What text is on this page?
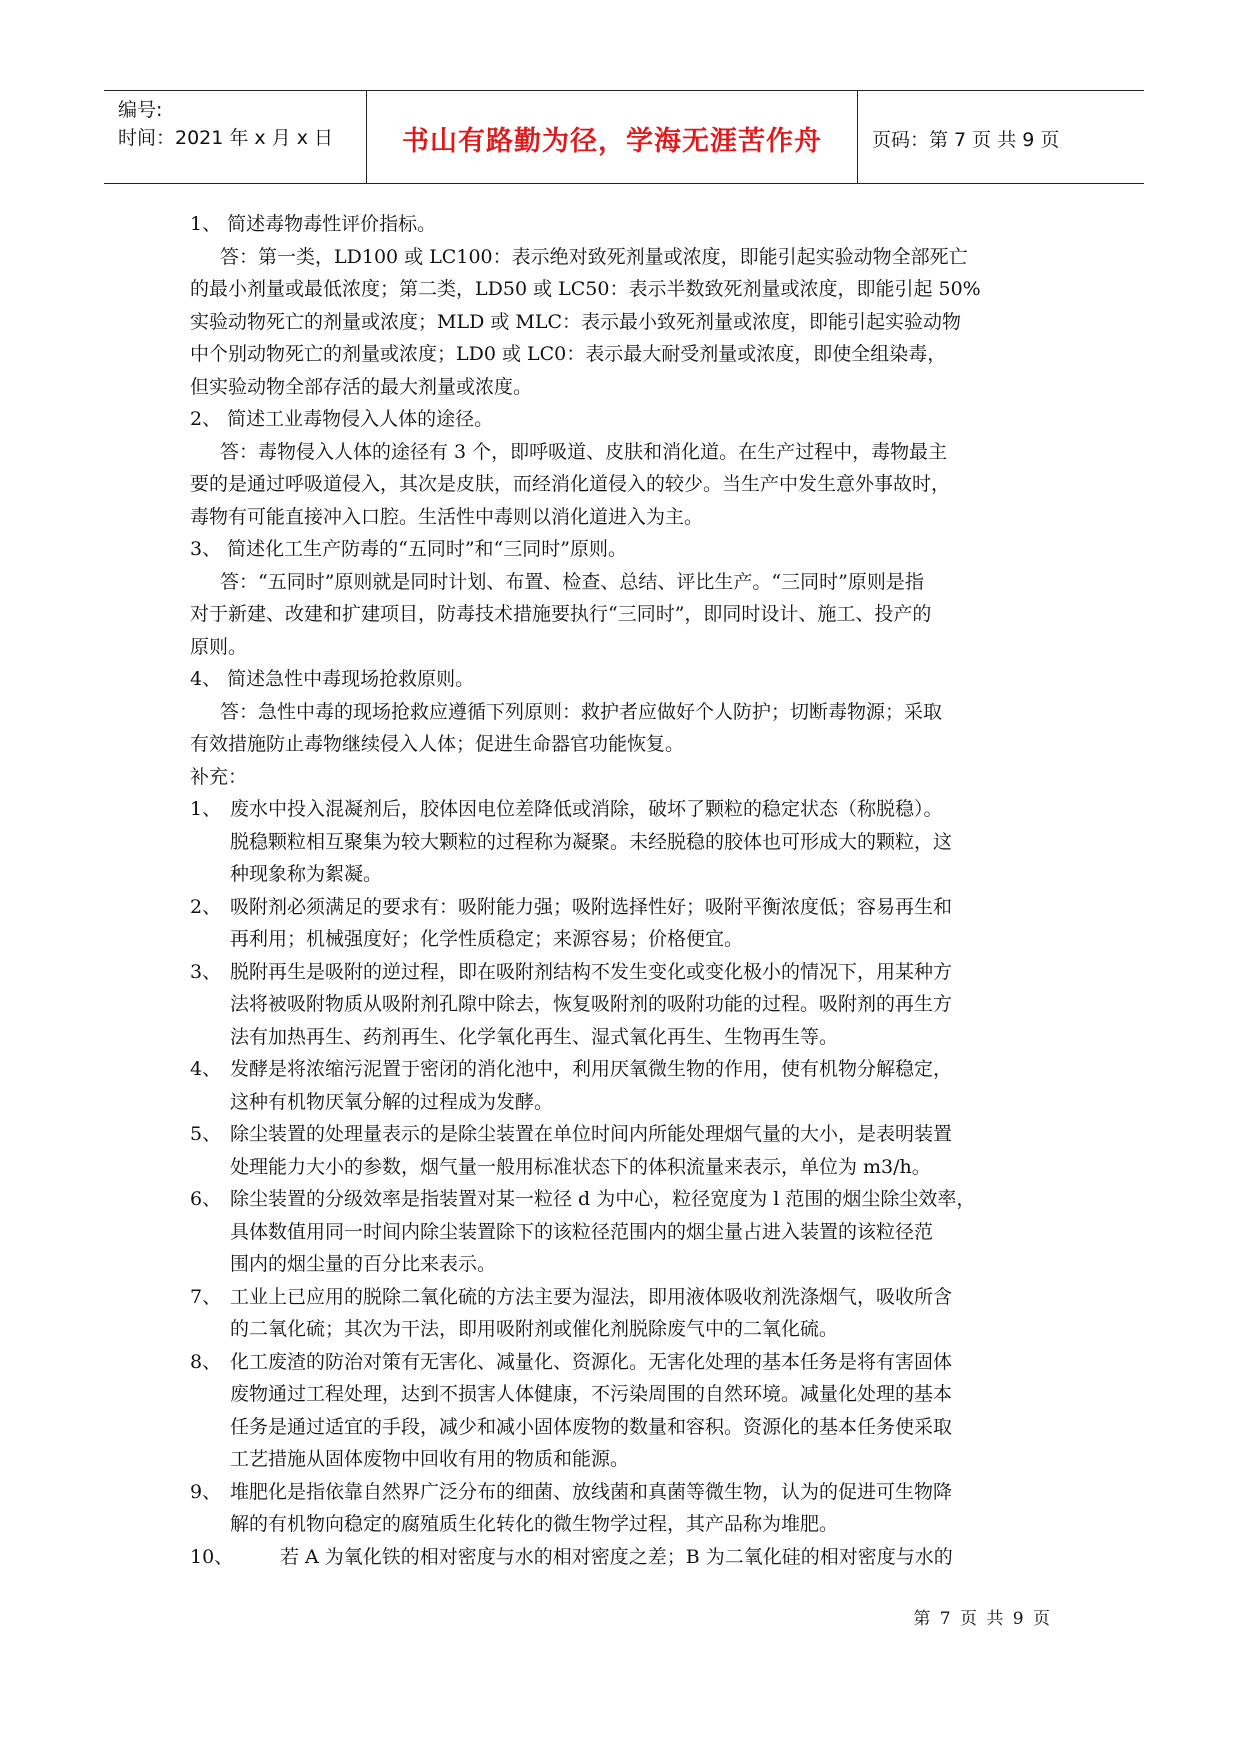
编号:
时间：2021 年 x 月 x 日	书山有路勤为径，学海无涯苦作舟	页码：第 7 页 共 9 页
1、 简述毒物毒性评价指标。
答：第一类，LD100 或 LC100：表示绝对致死剂量或浓度，即能引起实验动物全部死亡
的最小剂量或最低浓度；第二类，LD50 或 LC50：表示半数致死剂量或浓度，即能引起 50%
实验动物死亡的剂量或浓度；MLD 或 MLC：表示最小致死剂量或浓度，即能引起实验动物
中个别动物死亡的剂量或浓度；LD0 或 LC0：表示最大耐受剂量或浓度，即使全组染毒，
但实验动物全部存活的最大剂量或浓度。
2、 简述工业毒物侵入人体的途径。
答：毒物侵入人体的途径有 3 个，即呼吸道、皮肤和消化道。在生产过程中，毒物最主
要的是通过呼吸道侵入，其次是皮肤，而经消化道侵入的较少。当生产中发生意外事故时，
毒物有可能直接冲入口腔。生活性中毒则以消化道进入为主。
3、 简述化工生产防毒的“五同时”和“三同时”原则。
答：“五同时”原则就是同时计划、布置、检查、总结、评比生产。“三同时”原则是指
对于新建、改建和扩建项目，防毒技术措施要执行“三同时”，即同时设计、施工、投产的
原则。
4、 简述急性中毒现场抢救原则。
答：急性中毒的现场抢救应遵循下列原则：救护者应做好个人防护；切断毒物源；采取
有效措施防止毒物继续侵入人体；促进生命器官功能恢复。
补充：
1、 废水中投入混凝剂后，胶体因电位差降低或消除，破坏了颗粒的稳定状态（称脱稳）。
脱稳颗粒相互聚集为较大颗粒的过程称为凝聚。未经脱稳的胶体也可形成大的颗粒，这
种现象称为絮凝。
2、 吸附剂必须满足的要求有：吸附能力强；吸附选择性好；吸附平衡浓度低；容易再生和
再利用；机械强度好；化学性质稳定；来源容易；价格便宜。
3、 脱附再生是吸附的逆过程，即在吸附剂结构不发生变化或变化极小的情况下，用某种方
法将被吸附物质从吸附剂孔隙中除去，恢复吸附剂的吸附功能的过程。吸附剂的再生方
法有加热再生、药剂再生、化学氧化再生、湿式氧化再生、生物再生等。
4、 发酵是将浓缩污泥置于密闭的消化池中，利用厌氧微生物的作用，使有机物分解稳定，
这种有机物厌氧分解的过程成为发酵。
5、 除尘装置的处理量表示的是除尘装置在单位时间内所能处理烟气量的大小，是表明装置
处理能力大小的参数，烟气量一般用标准状态下的体积流量来表示，单位为 m3/h。
6、 除尘装置的分级效率是指装置对某一粒径 d 为中心，粒径宽度为 l 范围的烟尘除尘效率，
具体数值用同一时间内除尘装置除下的该粒径范围内的烟尘量占进入装置的该粒径范
围内的烟尘量的百分比来表示。
7、 工业上已应用的脱除二氧化硫的方法主要为湿法，即用液体吸收剂洗涤烟气，吸收所含
的二氧化硫；其次为干法，即用吸附剂或催化剂脱除废气中的二氧化硫。
8、 化工废渣的防治对策有无害化、减量化、资源化。无害化处理的基本任务是将有害固体
废物通过工程处理，达到不损害人体健康，不污染周围的自然环境。减量化处理的基本
任务是通过适宜的手段，减少和减小固体废物的数量和容积。资源化的基本任务使采取
工艺措施从固体废物中回收有用的物质和能源。
9、 堆肥化是指依靠自然界广泛分布的细菌、放线菌和真菌等微生物，认为的促进可生物降
解的有机物向稳定的腐殖质生化转化的微生物学过程，其产品称为堆肥。
10、 若 A 为氧化铁的相对密度与水的相对密度之差；B 为二氧化硅的相对密度与水的
第 7 页 共 9 页
